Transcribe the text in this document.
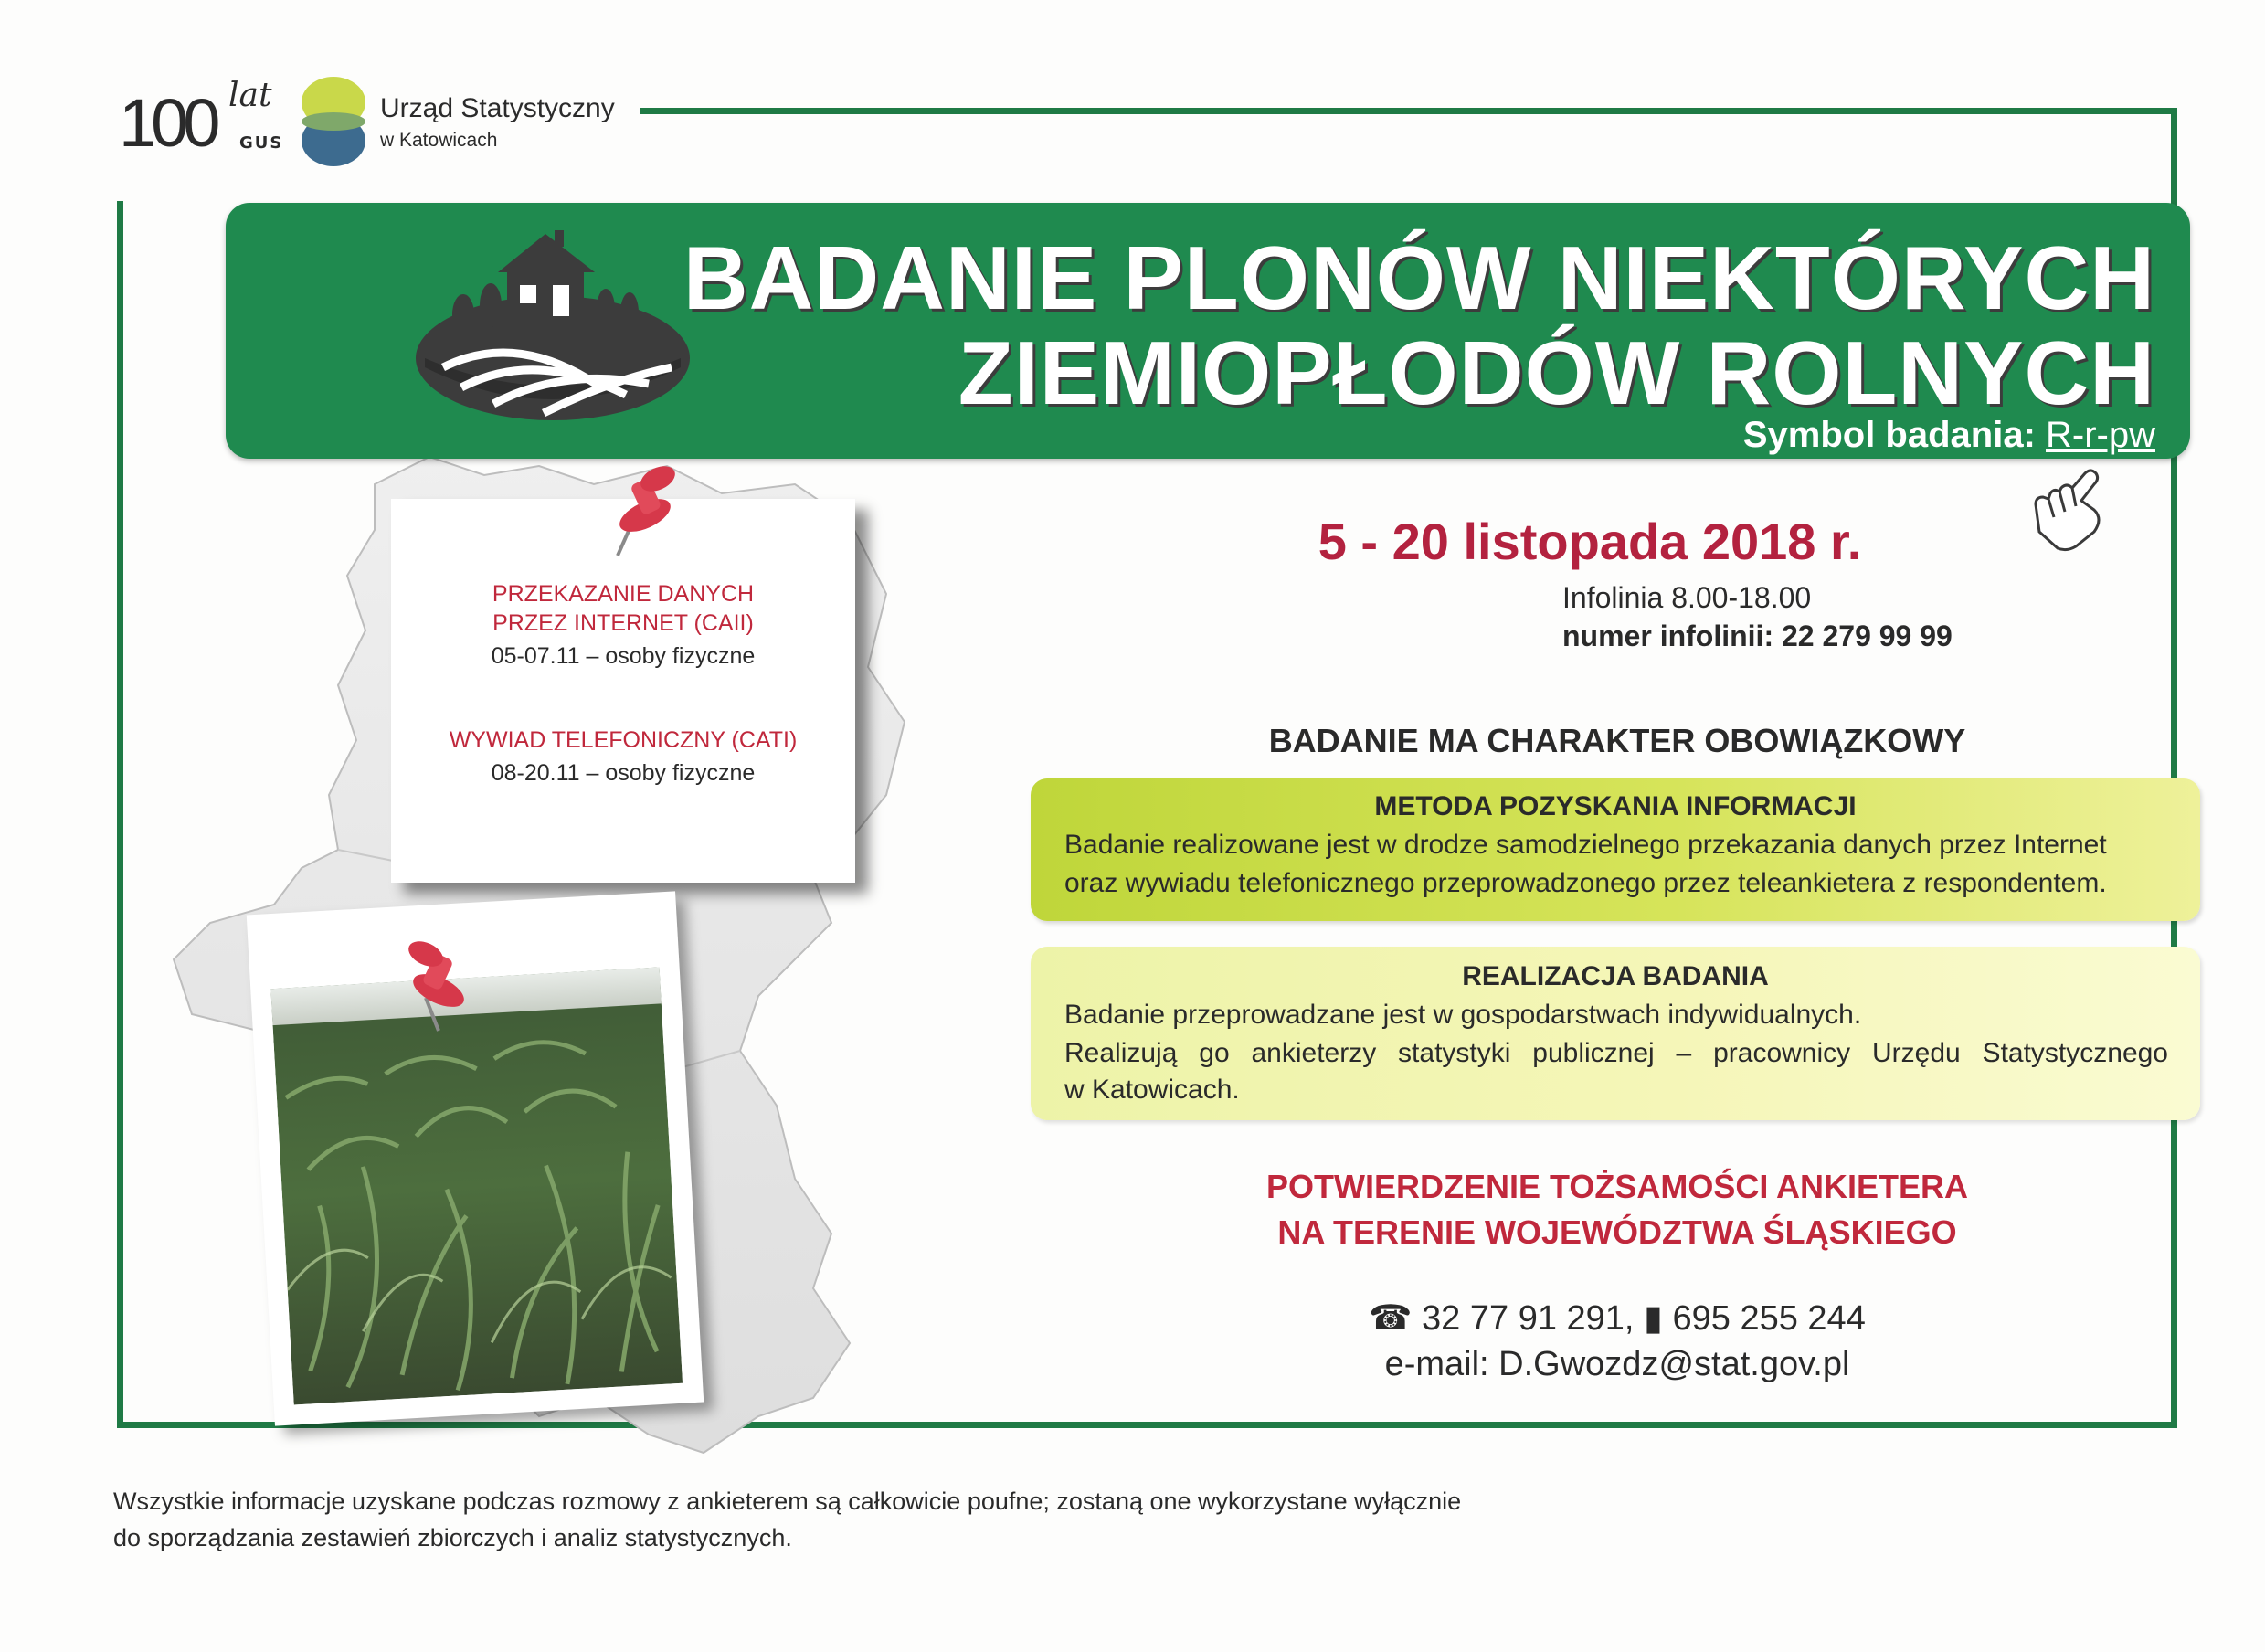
100 lat
GUS
Urząd Statystyczny
w Katowicach
BADANIE PLONÓW NIEKTÓRYCH
ZIEMIOPŁODÓW ROLNYCH
Symbol badania: R-r-pw
PRZEKAZANIE DANYCH
PRZEZ INTERNET (CAII)
05-07.11 – osoby fizyczne
WYWIAD TELEFONICZNY (CATI)
08-20.11 – osoby fizyczne
5 - 20 listopada 2018 r.
Infolinia 8.00-18.00
numer infolinii: 22 279 99 99
BADANIE MA CHARAKTER OBOWIĄZKOWY
METODA POZYSKANIA INFORMACJI
Badanie realizowane jest w drodze samodzielnego przekazania danych przez Internet
oraz wywiadu telefonicznego przeprowadzonego przez teleankietera z respondentem.
REALIZACJA BADANIA
Badanie przeprowadzane jest w gospodarstwach indywidualnych.
Realizują go ankieterzy statystyki publicznej – pracownicy Urzędu Statystycznego
w Katowicach.
POTWIERDZENIE TOŻSAMOŚCI ANKIETERA
NA TERENIE WOJEWÓDZTWA ŚLĄSKIEGO
☎ 32 77 91 291, ▮ 695 255 244
e-mail: D.Gwozdz@stat.gov.pl
Wszystkie informacje uzyskane podczas rozmowy z ankieterem są całkowicie poufne; zostaną one wykorzystane wyłącznie
do sporządzania zestawień zbiorczych i analiz statystycznych.
